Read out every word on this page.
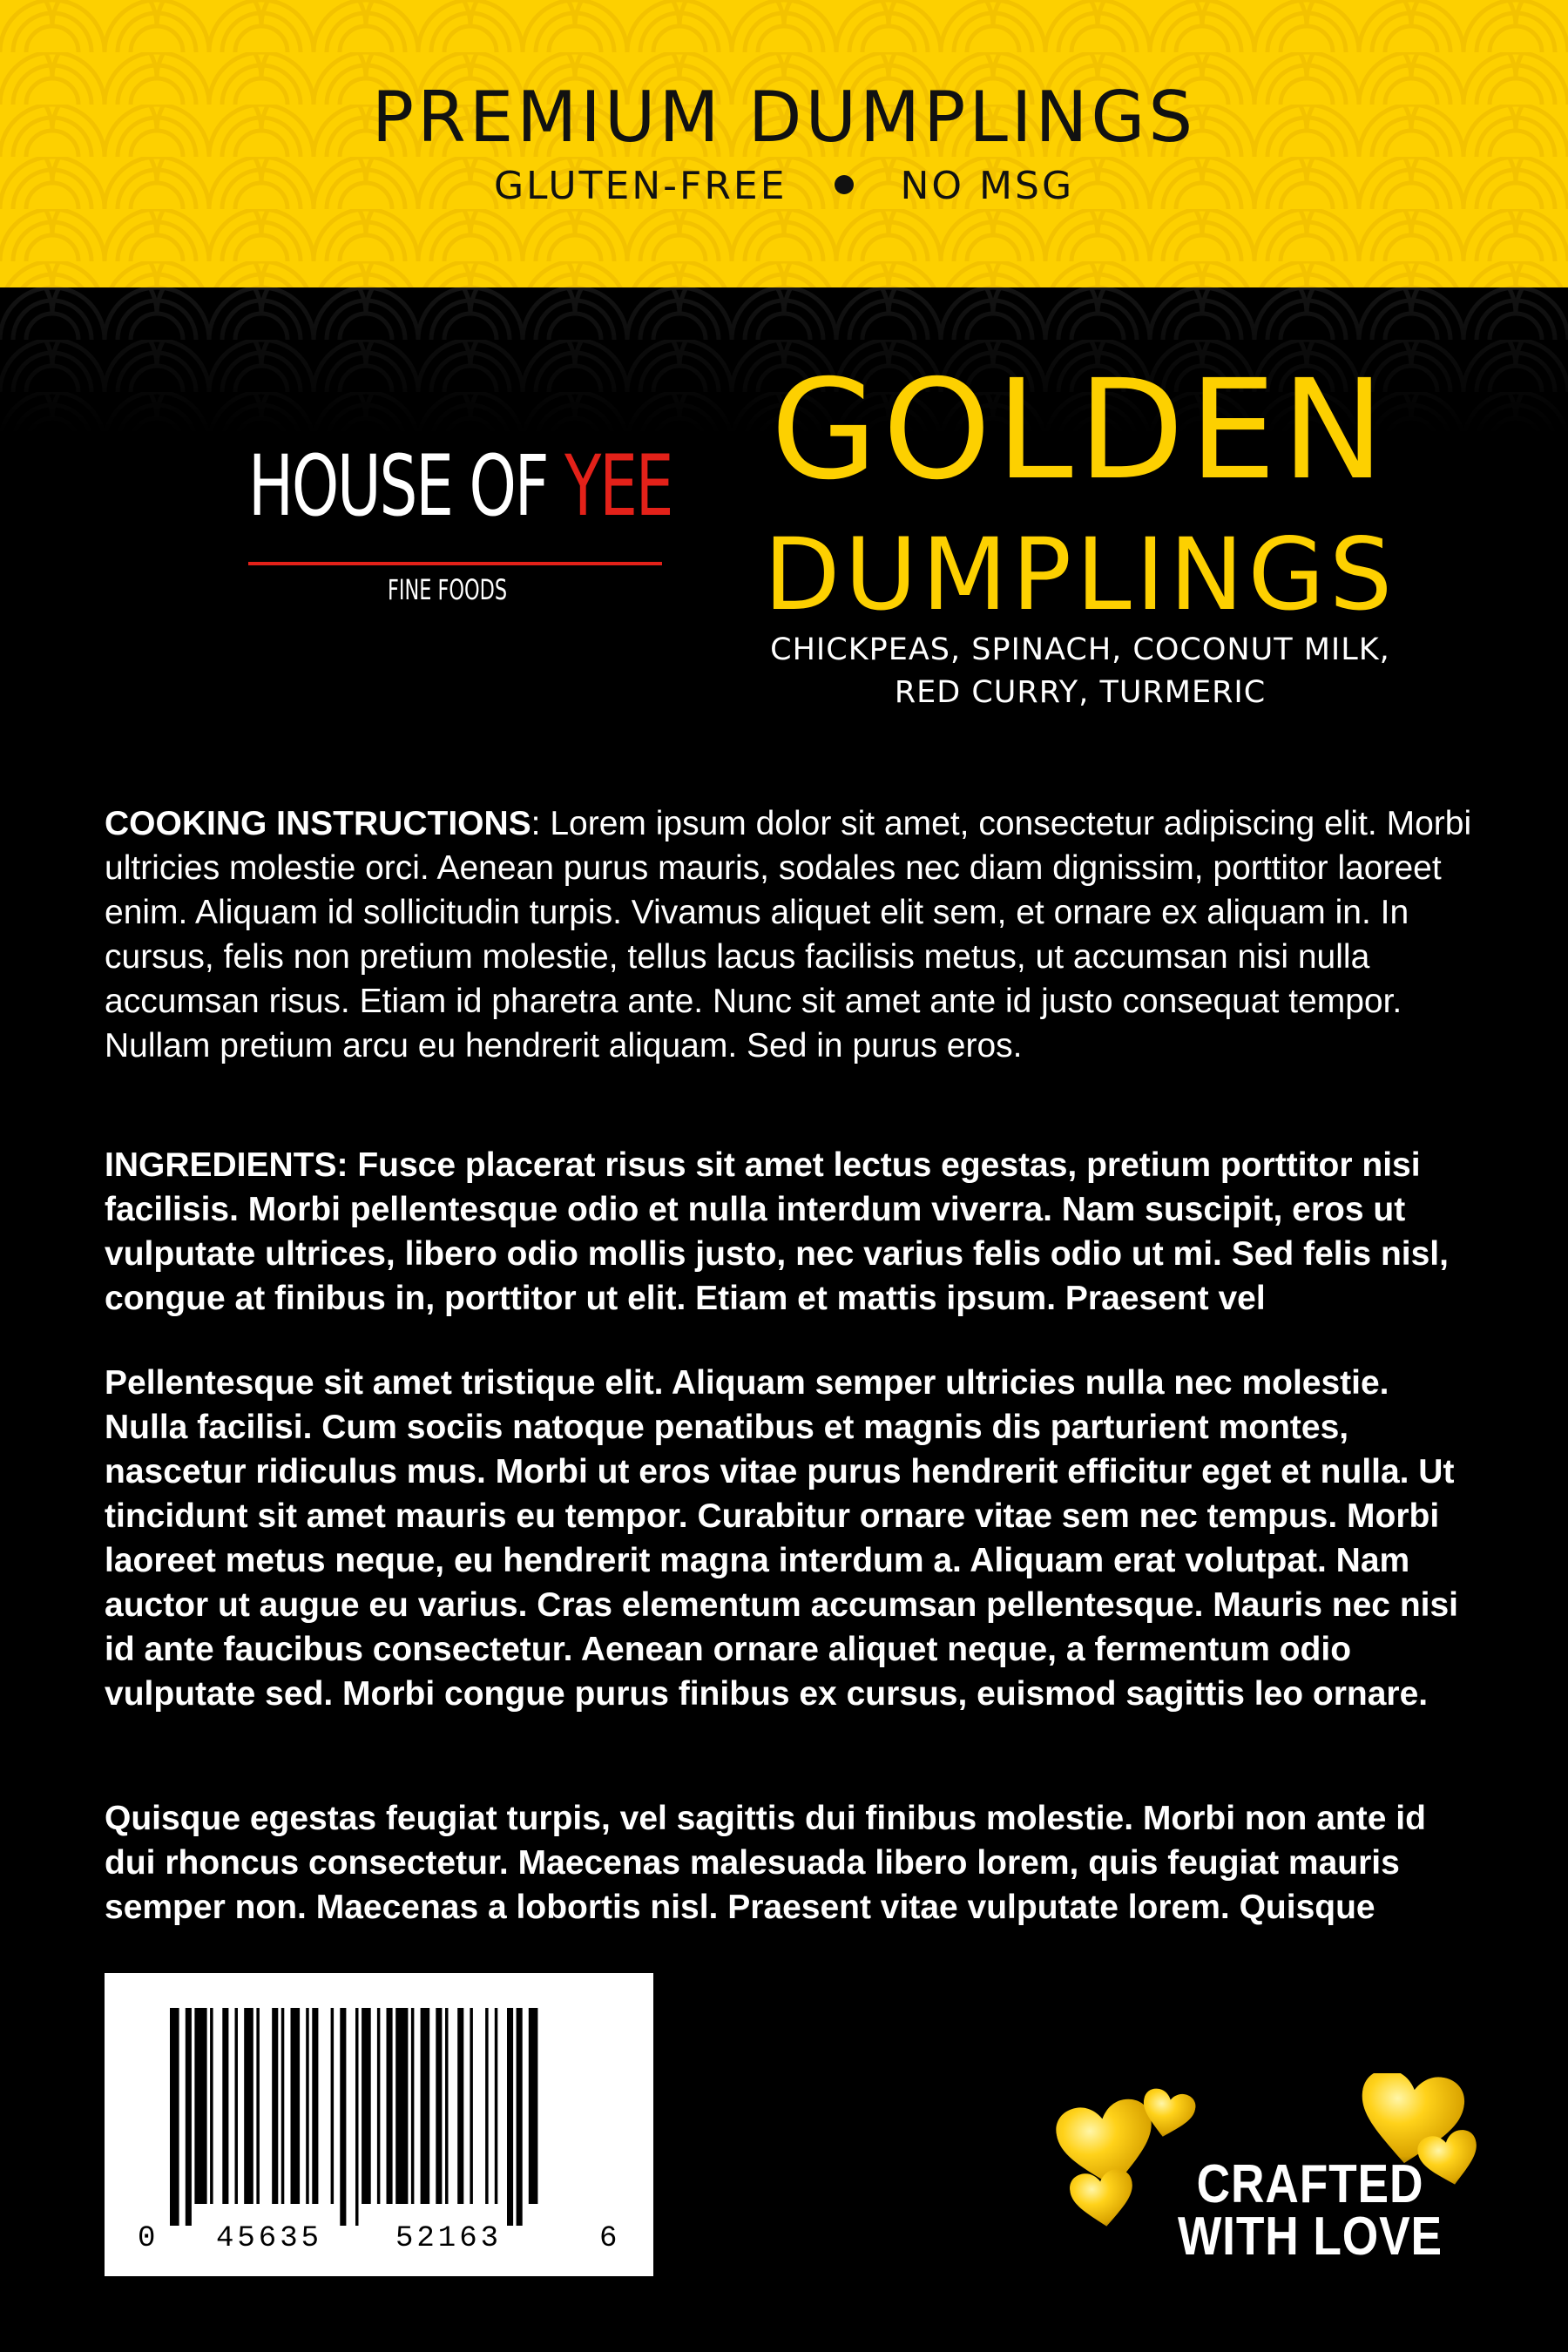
PREMIUM DUMPLINGS
GLUTEN-FREE	NO MSG
HOUSE OF YEE
FINE FOODS
GOLDEN
DUMPLINGS
CHICKPEAS, SPINACH, COCONUT MILK,
RED CURRY, TURMERIC
COOKING INSTRUCTIONS: Lorem ipsum dolor sit amet, consectetur adipiscing elit. Morbi ultricies molestie orci. Aenean purus mauris, sodales nec diam dignissim, porttitor laoreet enim. Aliquam id sollicitudin turpis. Vivamus aliquet elit sem, et ornare ex aliquam in. In cursus, felis non pretium molestie, tellus lacus facilisis metus, ut accumsan nisi nulla accumsan risus. Etiam id pharetra ante. Nunc sit amet ante id justo consequat tempor. Nullam pretium arcu eu hendrerit aliquam. Sed in purus eros.
INGREDIENTS: Fusce placerat risus sit amet lectus egestas, pretium porttitor nisi facilisis. Morbi pellentesque odio et nulla interdum viverra. Nam suscipit, eros ut vulputate ultrices, libero odio mollis justo, nec varius felis odio ut mi. Sed felis nisl, congue at finibus in, porttitor ut elit. Etiam et mattis ipsum. Praesent vel
Pellentesque sit amet tristique elit. Aliquam semper ultricies nulla nec molestie. Nulla facilisi. Cum sociis natoque penatibus et magnis dis parturient montes, nascetur ridiculus mus. Morbi ut eros vitae purus hendrerit efficitur eget et nulla. Ut tincidunt sit amet mauris eu tempor. Curabitur ornare vitae sem nec tempus. Morbi laoreet metus neque, eu hendrerit magna interdum a. Aliquam erat volutpat. Nam auctor ut augue eu varius. Cras elementum accumsan pellentesque. Mauris nec nisi id ante faucibus consectetur. Aenean ornare aliquet neque, a fermentum odio vulputate sed. Morbi congue purus finibus ex cursus, euismod sagittis leo ornare.
Quisque egestas feugiat turpis, vel sagittis dui finibus molestie. Morbi non ante id dui rhoncus consectetur. Maecenas malesuada libero lorem, quis feugiat mauris semper non. Maecenas a lobortis nisl. Praesent vitae vulputate lorem. Quisque
0 45635 52163	6
CRAFTED
WITH LOVE
